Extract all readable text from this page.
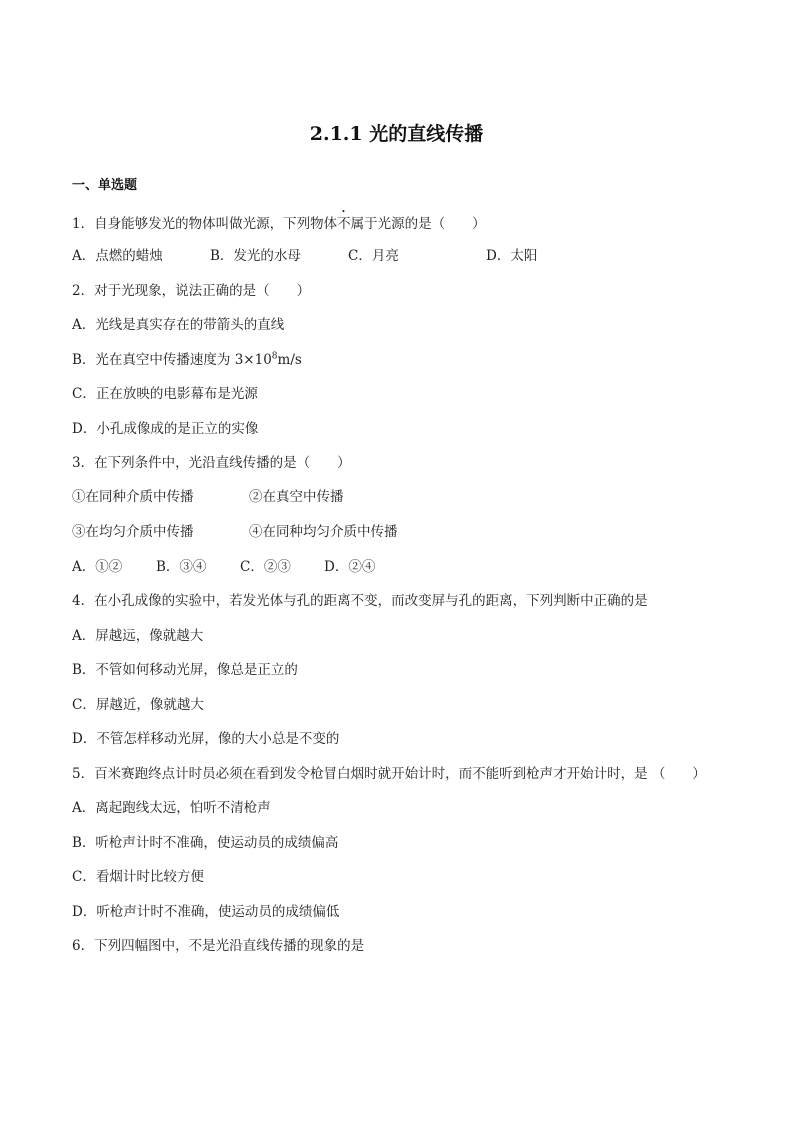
2.1.1 光的直线传播
一、单选题
1．自身能够发光的物体叫做光源，下列物体不属于光源的是（　　）
A．点燃的蜡烛	B．发光的水母	C．月亮	D．太阳
2．对于光现象，说法正确的是（　　）
A．光线是真实存在的带箭头的直线
B．光在真空中传播速度为 $3\times 10^8m/s$
C．正在放映的电影幕布是光源
D．小孔成像成的是正立的实像
3．在下列条件中，光沿直线传播的是（　　）
①在同种介质中传播	②在真空中传播
③在均匀介质中传播	④在同种均匀介质中传播
A．①②	B．③④ C．②③ D．②④
4．在小孔成像的实验中，若发光体与孔的距离不变，而改变屏与孔的距离，下列判断中正确的是
A．屏越远，像就越大
B．不管如何移动光屏，像总是正立的
C．屏越近，像就越大
D．不管怎样移动光屏，像的大小总是不变的
5．百米赛跑终点计时员必须在看到发令枪冒白烟时就开始计时，而不能听到枪声才开始计时，是 （　　）
A．离起跑线太远，怕听不清枪声
B．听枪声计时不准确，使运动员的成绩偏高
C．看烟计时比较方便
D．听枪声计时不准确，使运动员的成绩偏低
6．下列四幅图中，不是光沿直线传播的现象的是
